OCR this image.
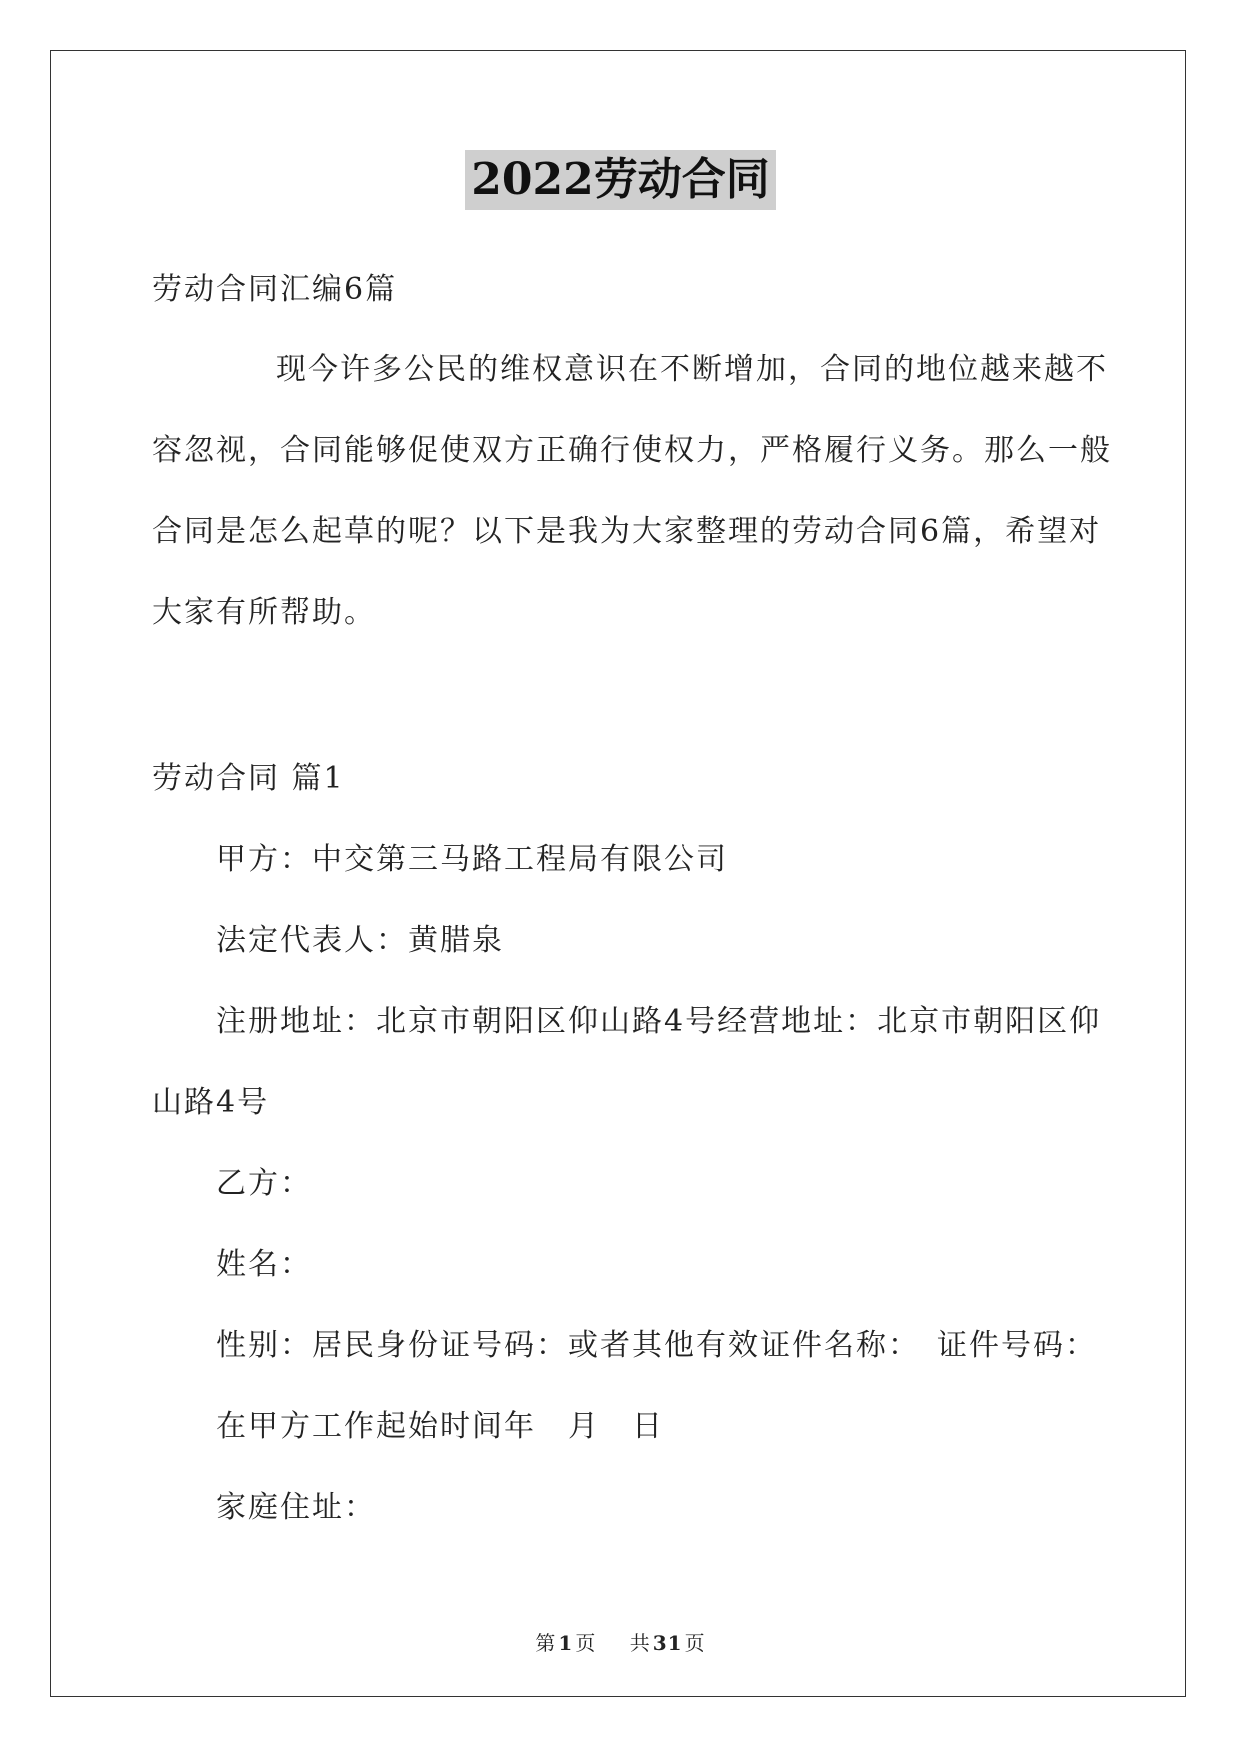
2022劳动合同
劳动合同汇编6篇
现今许多公民的维权意识在不断增加，合同的地位越来越不
容忽视，合同能够促使双方正确行使权力，严格履行义务。那么一般
合同是怎么起草的呢？以下是我为大家整理的劳动合同6篇，希望对
大家有所帮助。
劳动合同 篇1
甲方：中交第三马路工程局有限公司
法定代表人：黄腊泉
注册地址：北京市朝阳区仰山路4号经营地址：北京市朝阳区仰
山路4号
乙方：
姓名：
性别：居民身份证号码：或者其他有效证件名称：　证件号码：
在甲方工作起始时间年　月　日
家庭住址：
第 1 页 共 31 页
